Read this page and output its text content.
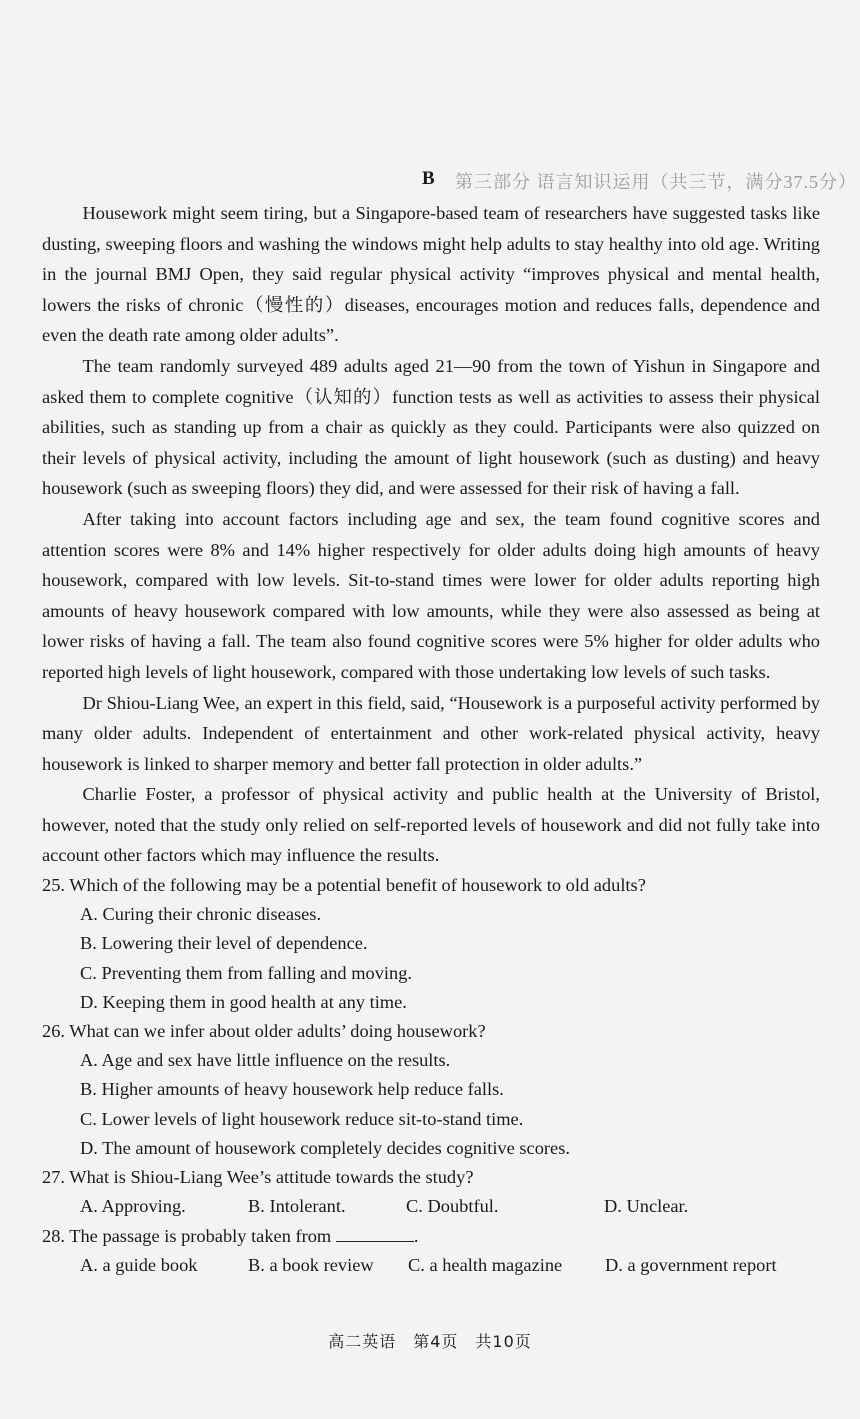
第三部分 语言知识运用（共三节，满分37.5分）
B

Housework might seem tiring, but a Singapore-based team of researchers have suggested tasks like dusting, sweeping floors and washing the windows might help adults to stay healthy into old age. Writing in the journal BMJ Open, they said regular physical activity “improves physical and mental health, lowers the risks of chronic（慢性的）diseases, encourages motion and reduces falls, dependence and even the death rate among older adults”.

The team randomly surveyed 489 adults aged 21—90 from the town of Yishun in Singapore and asked them to complete cognitive（认知的）function tests as well as activities to assess their physical abilities, such as standing up from a chair as quickly as they could. Participants were also quizzed on their levels of physical activity, including the amount of light housework (such as dusting) and heavy housework (such as sweeping floors) they did, and were assessed for their risk of having a fall.

After taking into account factors including age and sex, the team found cognitive scores and attention scores were 8% and 14% higher respectively for older adults doing high amounts of heavy housework, compared with low levels. Sit-to-stand times were lower for older adults reporting high amounts of heavy housework compared with low amounts, while they were also assessed as being at lower risks of having a fall. The team also found cognitive scores were 5% higher for older adults who reported high levels of light housework, compared with those undertaking low levels of such tasks.

Dr Shiou-Liang Wee, an expert in this field, said, “Housework is a purposeful activity performed by many older adults. Independent of entertainment and other work-related physical activity, heavy housework is linked to sharper memory and better fall protection in older adults.”

Charlie Foster, a professor of physical activity and public health at the University of Bristol, however, noted that the study only relied on self-reported levels of housework and did not fully take into account other factors which may influence the results.

25. Which of the following may be a potential benefit of housework to old adults?
A. Curing their chronic diseases.
B. Lowering their level of dependence.
C. Preventing them from falling and moving.
D. Keeping them in good health at any time.
26. What can we infer about older adults’ doing housework?
A. Age and sex have little influence on the results.
B. Higher amounts of heavy housework help reduce falls.
C. Lower levels of light housework reduce sit-to-stand time.
D. The amount of housework completely decides cognitive scores.
27. What is Shiou-Liang Wee’s attitude towards the study?
A. Approving.	B. Intolerant.	C. Doubtful.	D. Unclear.
28. The passage is probably taken from	.
A. a guide book	B. a book review	C. a health magazine	D. a government report
高二英语　第4页　共10页
